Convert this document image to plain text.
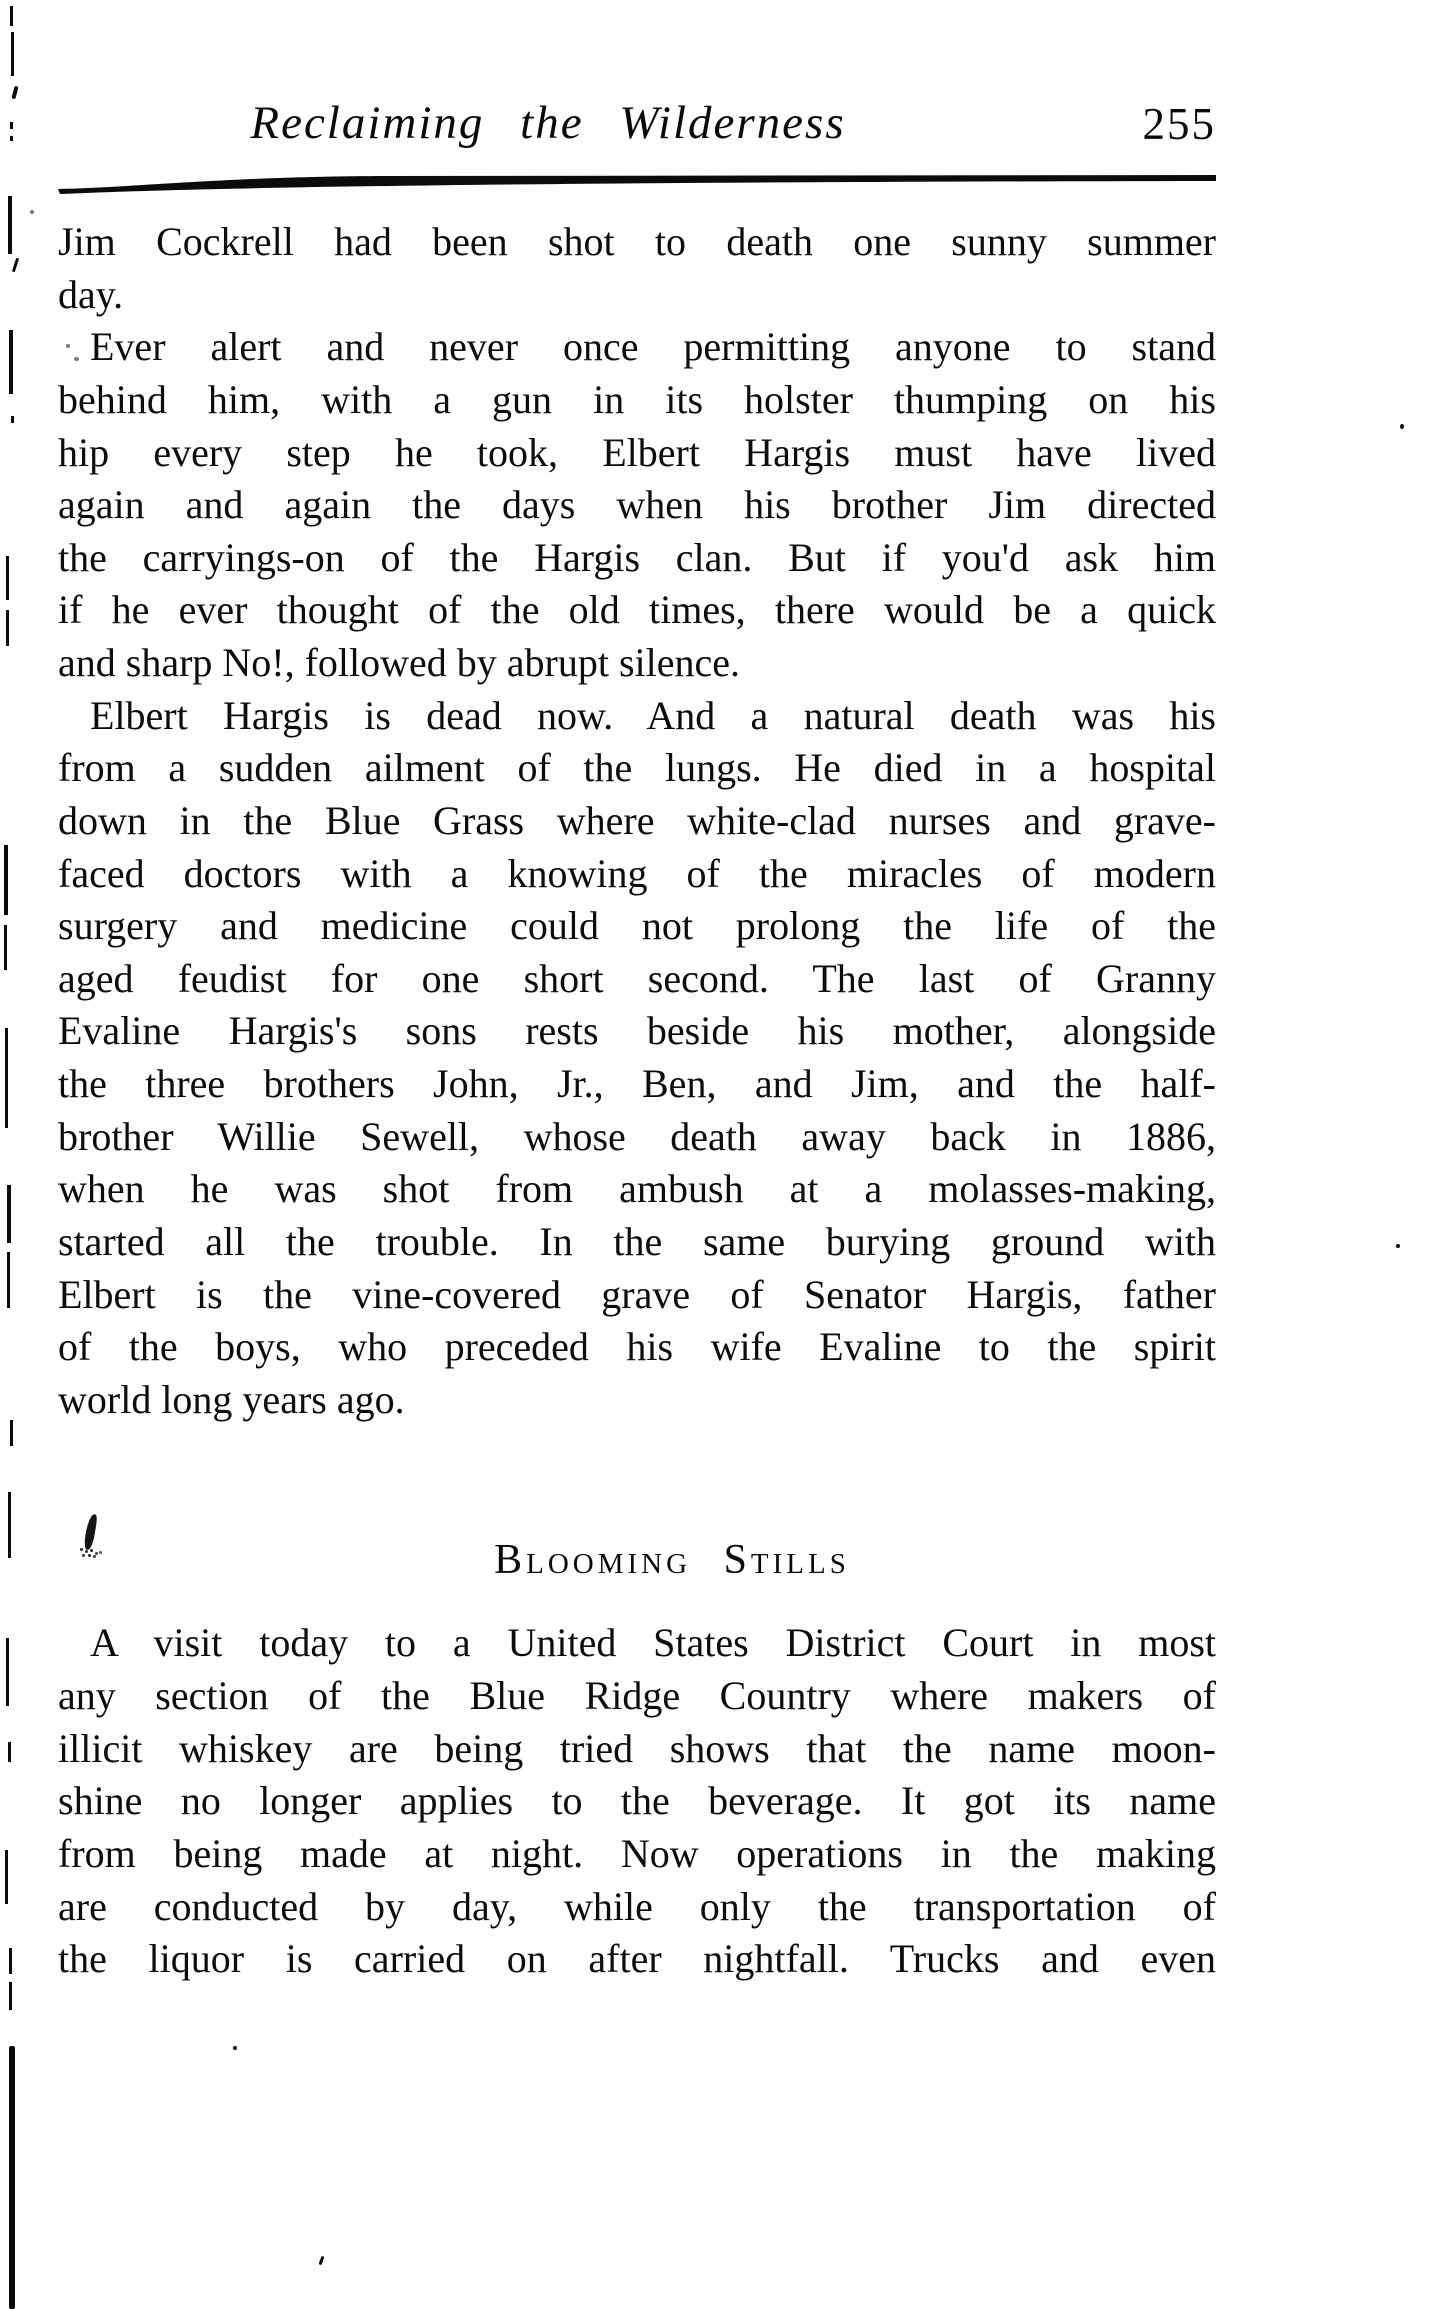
Reclaiming the Wilderness	255
Jim Cockrell had been shot to death one sunny summer
day.
Ever alert and never once permitting anyone to stand
behind him, with a gun in its holster thumping on his
hip every step he took, Elbert Hargis must have lived
again and again the days when his brother Jim directed
the carryings-on of the Hargis clan. But if you'd ask him
if he ever thought of the old times, there would be a quick
and sharp No!, followed by abrupt silence.
Elbert Hargis is dead now. And a natural death was his
from a sudden ailment of the lungs. He died in a hospital
down in the Blue Grass where white-clad nurses and grave-
faced doctors with a knowing of the miracles of modern
surgery and medicine could not prolong the life of the
aged feudist for one short second. The last of Granny
Evaline Hargis's sons rests beside his mother, alongside
the three brothers John, Jr., Ben, and Jim, and the half-
brother Willie Sewell, whose death away back in 1886,
when he was shot from ambush at a molasses-making,
started all the trouble. In the same burying ground with
Elbert is the vine-covered grave of Senator Hargis, father
of the boys, who preceded his wife Evaline to the spirit
world long years ago.
Blooming Stills
A visit today to a United States District Court in most
any section of the Blue Ridge Country where makers of
illicit whiskey are being tried shows that the name moon-
shine no longer applies to the beverage. It got its name
from being made at night. Now operations in the making
are conducted by day, while only the transportation of
the liquor is carried on after nightfall. Trucks and even
